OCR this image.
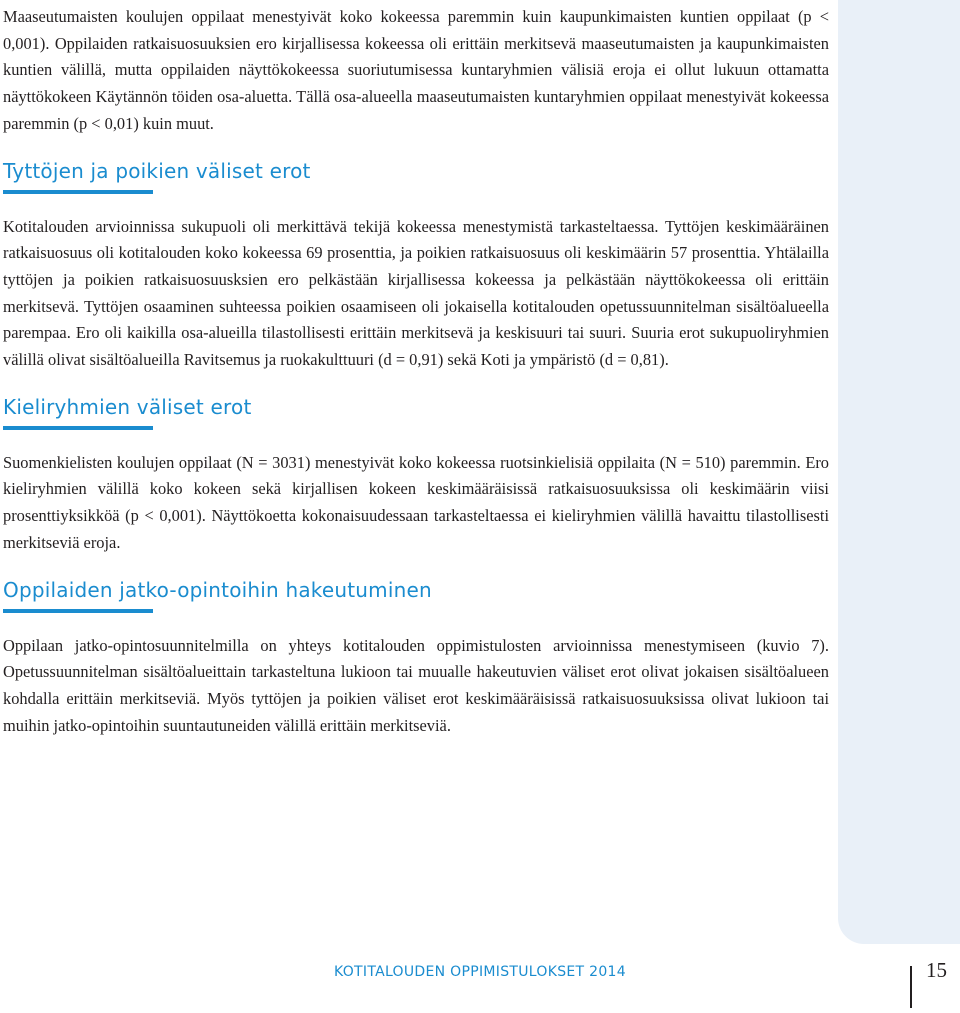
Maaseutumaisten koulujen oppilaat menestyivät koko kokeessa paremmin kuin kaupunkimaisten kuntien oppilaat (p < 0,001). Oppilaiden ratkaisuosuuksien ero kirjallisessa kokeessa oli erittäin merkitsevä maaseutumaisten ja kaupunkimaisten kuntien välillä, mutta oppilaiden näyttökokeessa suoriutumisessa kuntaryhmien välisiä eroja ei ollut lukuun ottamatta näyttökokeen Käytännön töiden osa-aluetta. Tällä osa-alueella maaseutumaisten kuntaryhmien oppilaat menestyivät kokeessa paremmin (p < 0,01) kuin muut.

Tyttöjen ja poikien väliset erot

Kotitalouden arvioinnissa sukupuoli oli merkittävä tekijä kokeessa menestymistä tarkasteltaessa. Tyttöjen keskimääräinen ratkaisuosuus oli kotitalouden koko kokeessa 69 prosenttia, ja poikien ratkaisuosuus oli keskimäärin 57 prosenttia. Yhtälailla tyttöjen ja poikien ratkaisuosuusksien ero pelkästään kirjallisessa kokeessa ja pelkästään näyttökokeessa oli erittäin merkitsevä. Tyttöjen osaaminen suhteessa poikien osaamiseen oli jokaisella kotitalouden opetussuunnitelman sisältöalueella parempaa. Ero oli kaikilla osa-alueilla tilastollisesti erittäin merkitsevä ja keskisuuri tai suuri. Suuria erot sukupuoliryhmien välillä olivat sisältöalueilla Ravitsemus ja ruokakulttuuri (d = 0,91) sekä Koti ja ympäristö (d = 0,81).

Kieliryhmien väliset erot

Suomenkielisten koulujen oppilaat (N = 3031) menestyivät koko kokeessa ruotsinkielisiä oppilaita (N = 510) paremmin. Ero kieliryhmien välillä koko kokeen sekä kirjallisen kokeen keskimääräisissä ratkaisuosuuksissa oli keskimäärin viisi prosenttiyksikköä (p < 0,001). Näyttökoetta kokonaisuudessaan tarkasteltaessa ei kieliryhmien välillä havaittu tilastollisesti merkitseviä eroja.

Oppilaiden jatko-opintoihin hakeutuminen

Oppilaan jatko-opintosuunnitelmilla on yhteys kotitalouden oppimistulosten arvioinnissa menestymiseen (kuvio 7). Opetussuunnitelman sisältöalueittain tarkasteltuna lukioon tai muualle hakeutuvien väliset erot olivat jokaisen sisältöalueen kohdalla erittäin merkitseviä. Myös tyttöjen ja poikien väliset erot keskimääräisissä ratkaisuosuuksissa olivat lukioon tai muihin jatko-opintoihin suuntautuneiden välillä erittäin merkitseviä.

KOTITALOUDEN OPPIMISTULOKSET 2014	15
